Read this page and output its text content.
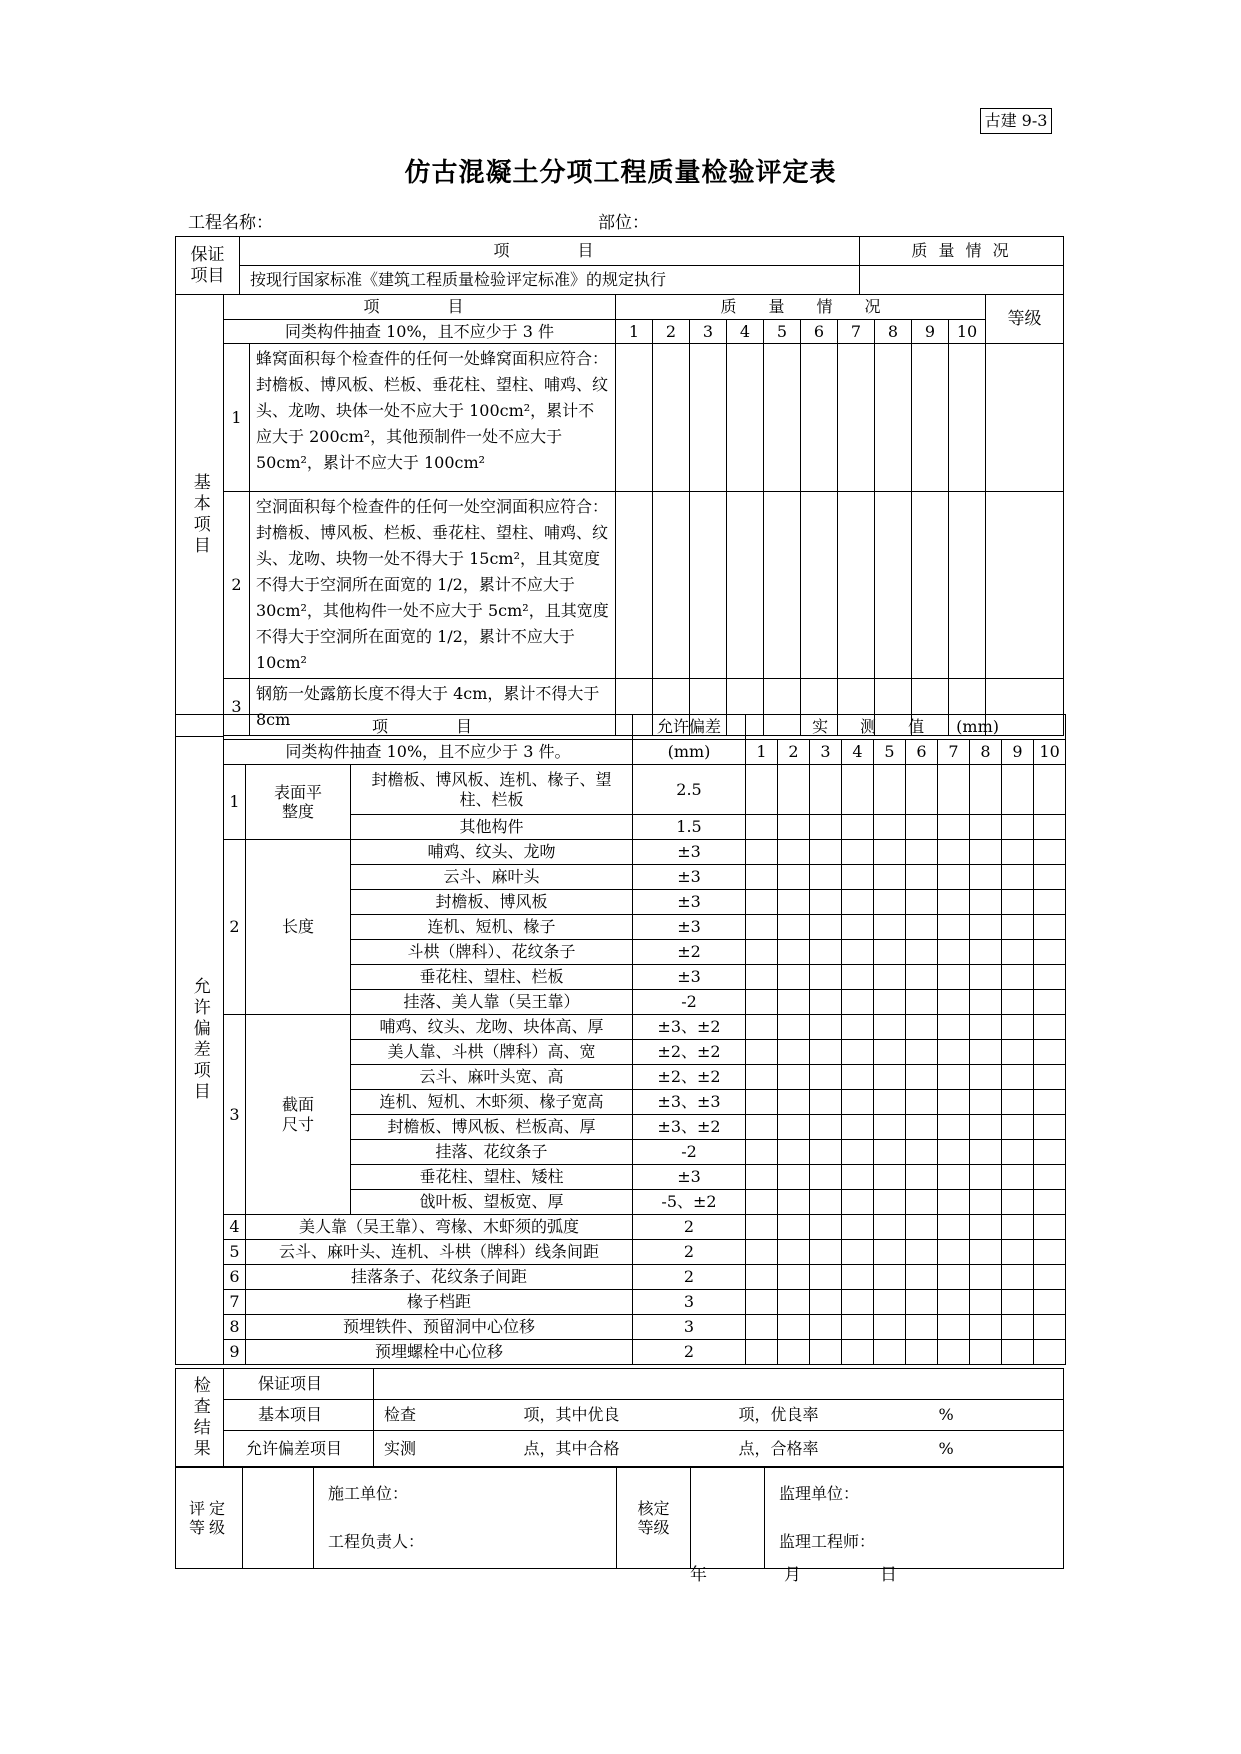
古建 9-3
仿古混凝土分项工程质量检验评定表
工程名称：	部位：
保证项目	项　　目	质 量 情 况
	按现行国家标准《建筑工程质量检验评定标准》的规定执行	
基本项目	项　　目		质　　量　　情　　况										等级
	同类构件抽查 10%，且不应少于 3 件		1	2	3	4	5	6	7	8	9	10	
	1	蜂窝面积每个检查件的任何一处蜂窝面积应符合：封檐板、博风板、栏板、垂花柱、望柱、哺鸡、纹头、龙吻、块体一处不应大于 100cm²，累计不应大于 200cm²，其他预制件一处不应大于 50cm²，累计不应大于 100cm²											
	2	空洞面积每个检查件的任何一处空洞面积应符合：封檐板、博风板、栏板、垂花柱、望柱、哺鸡、纹头、龙吻、块物一处不得大于 15cm²，且其宽度不得大于空洞所在面宽的 1/2，累计不应大于 30cm²，其他构件一处不应大于 5cm²，且其宽度不得大于空洞所在面宽的 1/2，累计不应大于 10cm²											
	3	钢筋一处露筋长度不得大于 4cm，累计不得大于 8cm											

允许偏差项目	项　　目			允许偏差	实　　测　　值　　(mm)									
	同类构件抽查 10%，且不应少于 3 件。			(mm)	1	2	3	4	5	6	7	8	9	10
	1	表面平整度	封檐板、博风板、连机、椽子、望柱、栏板	2.5										
			其他构件	1.5										
	2	长度	哺鸡、纹头、龙吻	±3										
			云斗、麻叶头	±3										
			封檐板、博风板	±3										
			连机、短机、椽子	±3										
			斗栱（牌科）、花纹条子	±2										
			垂花柱、望柱、栏板	±3										
			挂落、美人靠（吴王靠）	-2										
	3	截面尺寸	哺鸡、纹头、龙吻、块体高、厚	±3、±2										
			美人靠、斗栱（牌科）高、宽	±2、±2										
			云斗、麻叶头宽、高	±2、±2										
			连机、短机、木虾须、椽子宽高	±3、±3										
			封檐板、博风板、栏板高、厚	±3、±2										
			挂落、花纹条子	-2										
			垂花柱、望柱、矮柱	±3										
			戗叶板、望板宽、厚	-5、±2										
	4	美人靠（吴王靠）、弯椽、木虾须的弧度		2										
	5	云斗、麻叶头、连机、斗栱（牌科）线条间距		2										
	6	挂落条子、花纹条子间距		2										
	7	椽子档距		3										
	8	预埋铁件、预留洞中心位移		3										
	9	预埋螺栓中心位移		2										
检查结果	保证项目				
	基本项目	检查	项，其中优良	项，优良率	%
	允许偏差项目	实测	点，其中合格	点，合格率	%
评定等级		
施工单位：
工程负责人：
	核定等级		
监理单位：
监理工程师：
年	月	日
